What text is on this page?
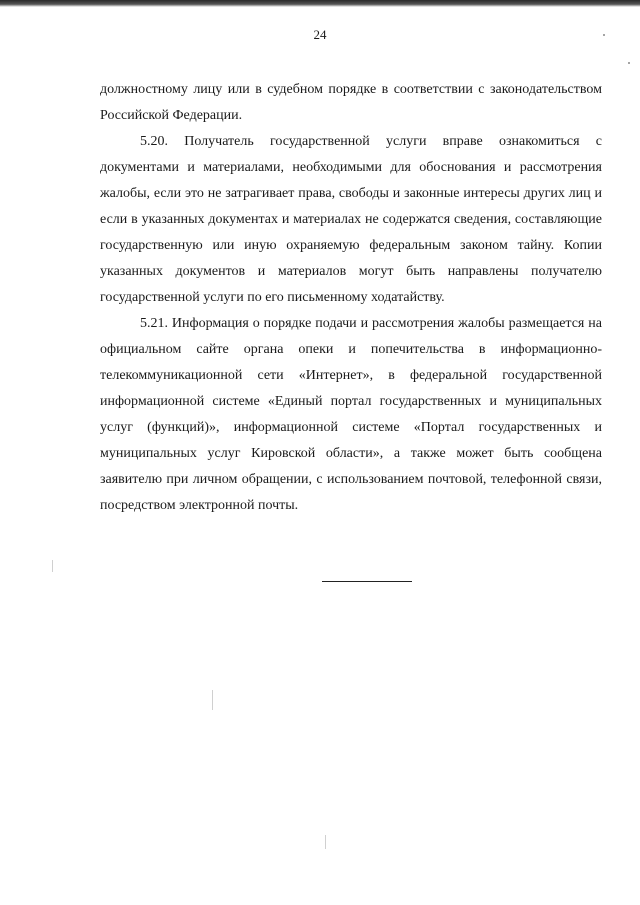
24

должностному лицу или в судебном порядке в соответствии с законодательством Российской Федерации.

5.20. Получатель государственной услуги вправе ознакомиться с документами и материалами, необходимыми для обоснования и рассмотрения жалобы, если это не затрагивает права, свободы и законные интересы других лиц и если в указанных документах и материалах не содержатся сведения, составляющие государственную или иную охраняемую федеральным законом тайну. Копии указанных документов и материалов могут быть направлены получателю государственной услуги по его письменному ходатайству.

5.21. Информация о порядке подачи и рассмотрения жалобы размещается на официальном сайте органа опеки и попечительства в информационно-телекоммуникационной сети «Интернет», в федеральной государственной информационной системе «Единый портал государственных и муниципальных услуг (функций)», информационной системе «Портал государственных и муниципальных услуг Кировской области», а также может быть сообщена заявителю при личном обращении, с использованием почтовой, телефонной связи, посредством электронной почты.
